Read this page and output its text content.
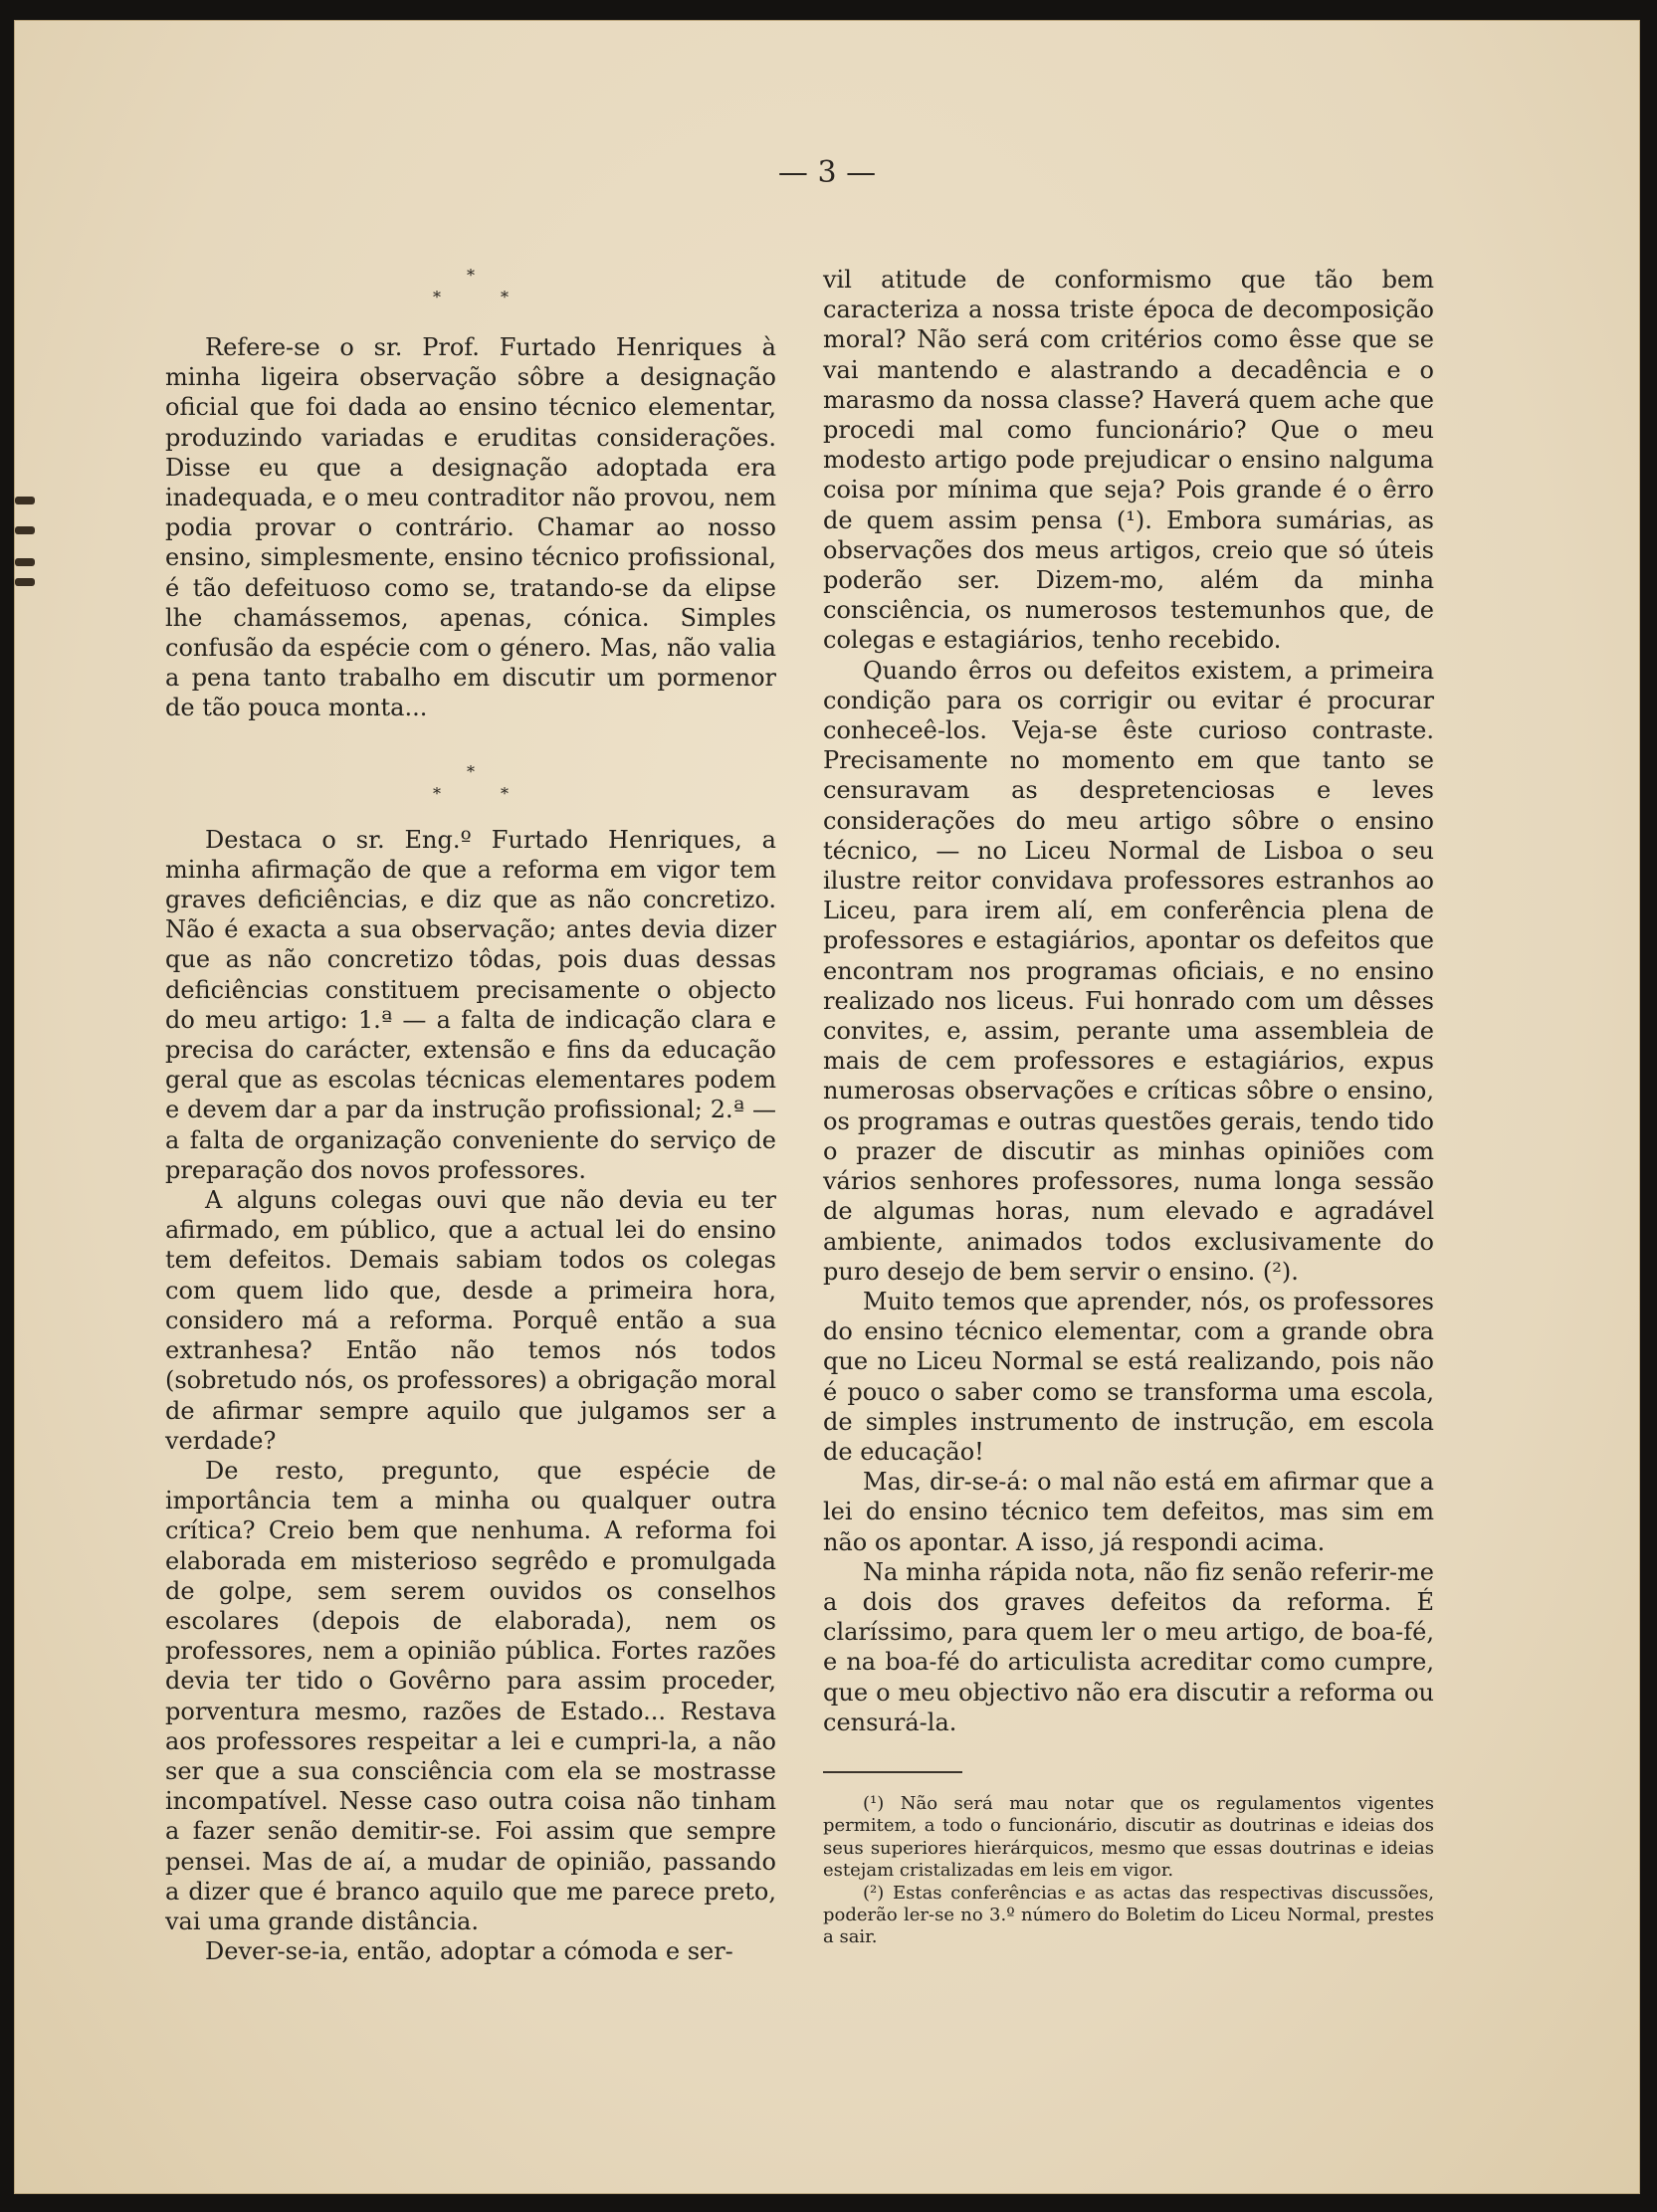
— 3 —
*
*	*

Refere-se o sr. Prof. Furtado Henriques à minha ligeira observação sôbre a designação oficial que foi dada ao ensino técnico elementar, produzindo variadas e eruditas considerações. Disse eu que a designação adoptada era inadequada, e o meu contraditor não provou, nem podia provar o contrário. Chamar ao nosso ensino, simplesmente, ensino técnico profissional, é tão defeituoso como se, tratando-se da elipse lhe chamássemos, apenas, cónica. Simples confusão da espécie com o género. Mas, não valia a pena tanto trabalho em discutir um pormenor de tão pouca monta...

*
*	*

Destaca o sr. Eng.º Furtado Henriques, a minha afirmação de que a reforma em vigor tem graves deficiências, e diz que as não concretizo. Não é exacta a sua observação; antes devia dizer que as não concretizo tôdas, pois duas dessas deficiências constituem precisamente o objecto do meu artigo: 1.ª — a falta de indicação clara e precisa do carácter, extensão e fins da educação geral que as escolas técnicas elementares podem e devem dar a par da instrução profissional; 2.ª — a falta de organização conveniente do serviço de preparação dos novos professores.

A alguns colegas ouvi que não devia eu ter afirmado, em público, que a actual lei do ensino tem defeitos. Demais sabiam todos os colegas com quem lido que, desde a primeira hora, considero má a reforma. Porquê então a sua extranhesa? Então não temos nós todos (sobretudo nós, os professores) a obrigação moral de afirmar sempre aquilo que julgamos ser a verdade?

De resto, pregunto, que espécie de importância tem a minha ou qualquer outra crítica? Creio bem que nenhuma. A reforma foi elaborada em misterioso segrêdo e promulgada de golpe, sem serem ouvidos os conselhos escolares (depois de elaborada), nem os professores, nem a opinião pública. Fortes razões devia ter tido o Govêrno para assim proceder, porventura mesmo, razões de Estado... Restava aos professores respeitar a lei e cumpri-la, a não ser que a sua consciência com ela se mostrasse incompatível. Nesse caso outra coisa não tinham a fazer senão demitir-se. Foi assim que sempre pensei. Mas de aí, a mudar de opinião, passando a dizer que é branco aquilo que me parece preto, vai uma grande distância.

Dever-se-ia, então, adoptar a cómoda e ser-

vil atitude de conformismo que tão bem caracteriza a nossa triste época de decomposição moral? Não será com critérios como êsse que se vai mantendo e alastrando a decadência e o marasmo da nossa classe? Haverá quem ache que procedi mal como funcionário? Que o meu modesto artigo pode prejudicar o ensino nalguma coisa por mínima que seja? Pois grande é o êrro de quem assim pensa (¹). Embora sumárias, as observações dos meus artigos, creio que só úteis poderão ser. Dizem-mo, além da minha consciência, os numerosos testemunhos que, de colegas e estagiários, tenho recebido.

Quando êrros ou defeitos existem, a primeira condição para os corrigir ou evitar é procurar conheceê-los. Veja-se êste curioso contraste. Precisamente no momento em que tanto se censuravam as despretenciosas e leves considerações do meu artigo sôbre o ensino técnico, — no Liceu Normal de Lisboa o seu ilustre reitor convidava professores estranhos ao Liceu, para irem alí, em conferência plena de professores e estagiários, apontar os defeitos que encontram nos programas oficiais, e no ensino realizado nos liceus. Fui honrado com um dêsses convites, e, assim, perante uma assembleia de mais de cem professores e estagiários, expus numerosas observações e críticas sôbre o ensino, os programas e outras questões gerais, tendo tido o prazer de discutir as minhas opiniões com vários senhores professores, numa longa sessão de algumas horas, num elevado e agradável ambiente, animados todos exclusivamente do puro desejo de bem servir o ensino. (²).

Muito temos que aprender, nós, os professores do ensino técnico elementar, com a grande obra que no Liceu Normal se está realizando, pois não é pouco o saber como se transforma uma escola, de simples instrumento de instrução, em escola de educação!

Mas, dir-se-á: o mal não está em afirmar que a lei do ensino técnico tem defeitos, mas sim em não os apontar. A isso, já respondi acima.

Na minha rápida nota, não fiz senão referir-me a dois dos graves defeitos da reforma. É claríssimo, para quem ler o meu artigo, de boa-fé, e na boa-fé do articulista acreditar como cumpre, que o meu objectivo não era discutir a reforma ou censurá-la.

(¹) Não será mau notar que os regulamentos vigentes permitem, a todo o funcionário, discutir as doutrinas e ideias dos seus superiores hierárquicos, mesmo que essas doutrinas e ideias estejam cristalizadas em leis em vigor.

(²) Estas conferências e as actas das respectivas discussões, poderão ler-se no 3.º número do Boletim do Liceu Normal, prestes a sair.
